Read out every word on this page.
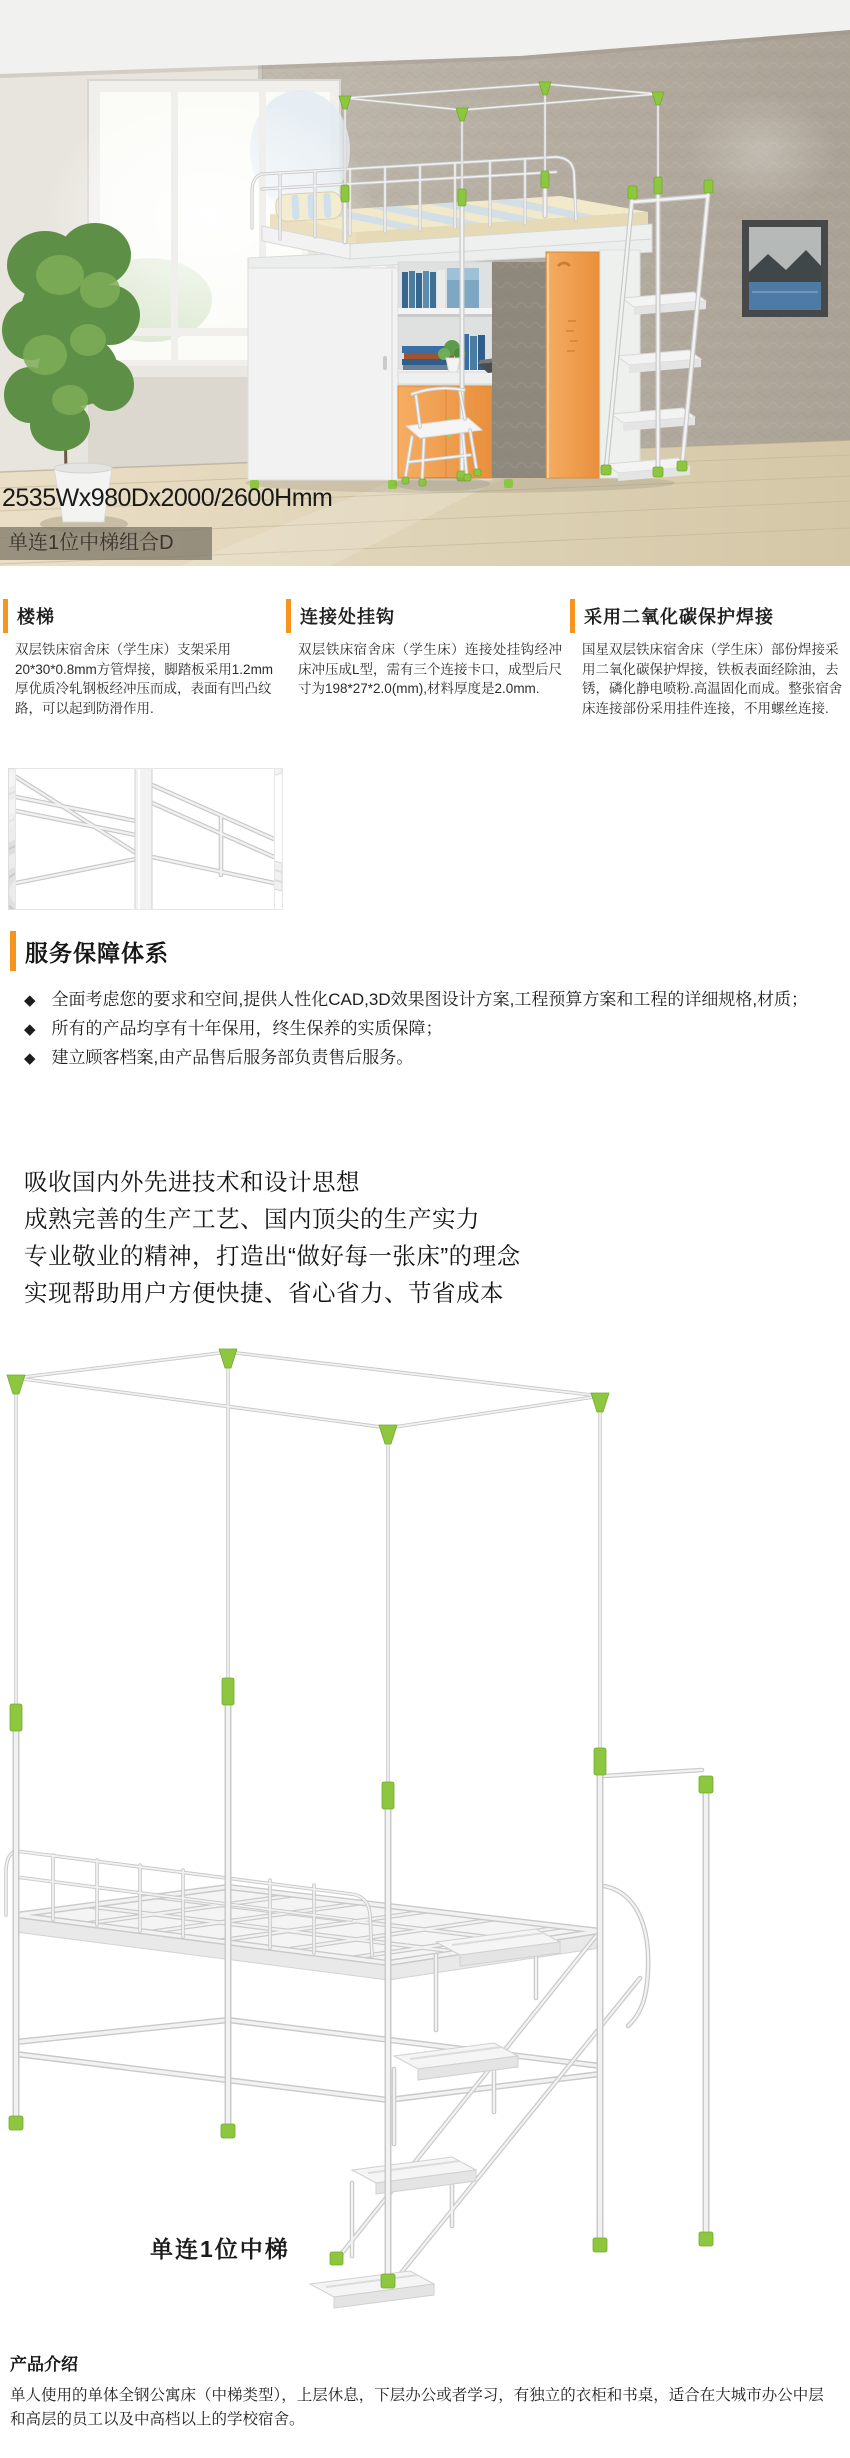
2535Wx980Dx2000/2600Hmm
单连1位中梯组合D
楼梯

双层铁床宿舍床（学生床）支架采用20*30*0.8mm方管焊接，脚踏板采用1.2mm厚优质冷轧钢板经冲压而成，表面有凹凸纹路，可以起到防滑作用.

连接处挂钩

双层铁床宿舍床（学生床）连接处挂钩经冲床冲压成L型，需有三个连接卡口，成型后尺寸为198*27*2.0(mm),材料厚度是2.0mm.

采用二氧化碳保护焊接

国星双层铁床宿舍床（学生床）部份焊接采用二氧化碳保护焊接，铁板表面经除油，去锈，磷化静电喷粉.高温固化而成。整张宿舍床连接部份采用挂件连接，不用螺丝连接.

服务保障体系

◆ 全面考虑您的要求和空间,提供人性化CAD,3D效果图设计方案,工程预算方案和工程的详细规格,材质；

◆ 所有的产品均享有十年保用，终生保养的实质保障；

◆ 建立顾客档案,由产品售后服务部负责售后服务。

吸收国内外先进技术和设计思想
成熟完善的生产工艺、国内顶尖的生产实力
专业敬业的精神，打造出“做好每一张床”的理念
实现帮助用户方便快捷、省心省力、节省成本
单连1位中梯
产品介绍

单人使用的单体全钢公寓床（中梯类型），上层休息，下层办公或者学习，有独立的衣柜和书桌，适合在大城市办公中层和高层的员工以及中高档以上的学校宿舍。
